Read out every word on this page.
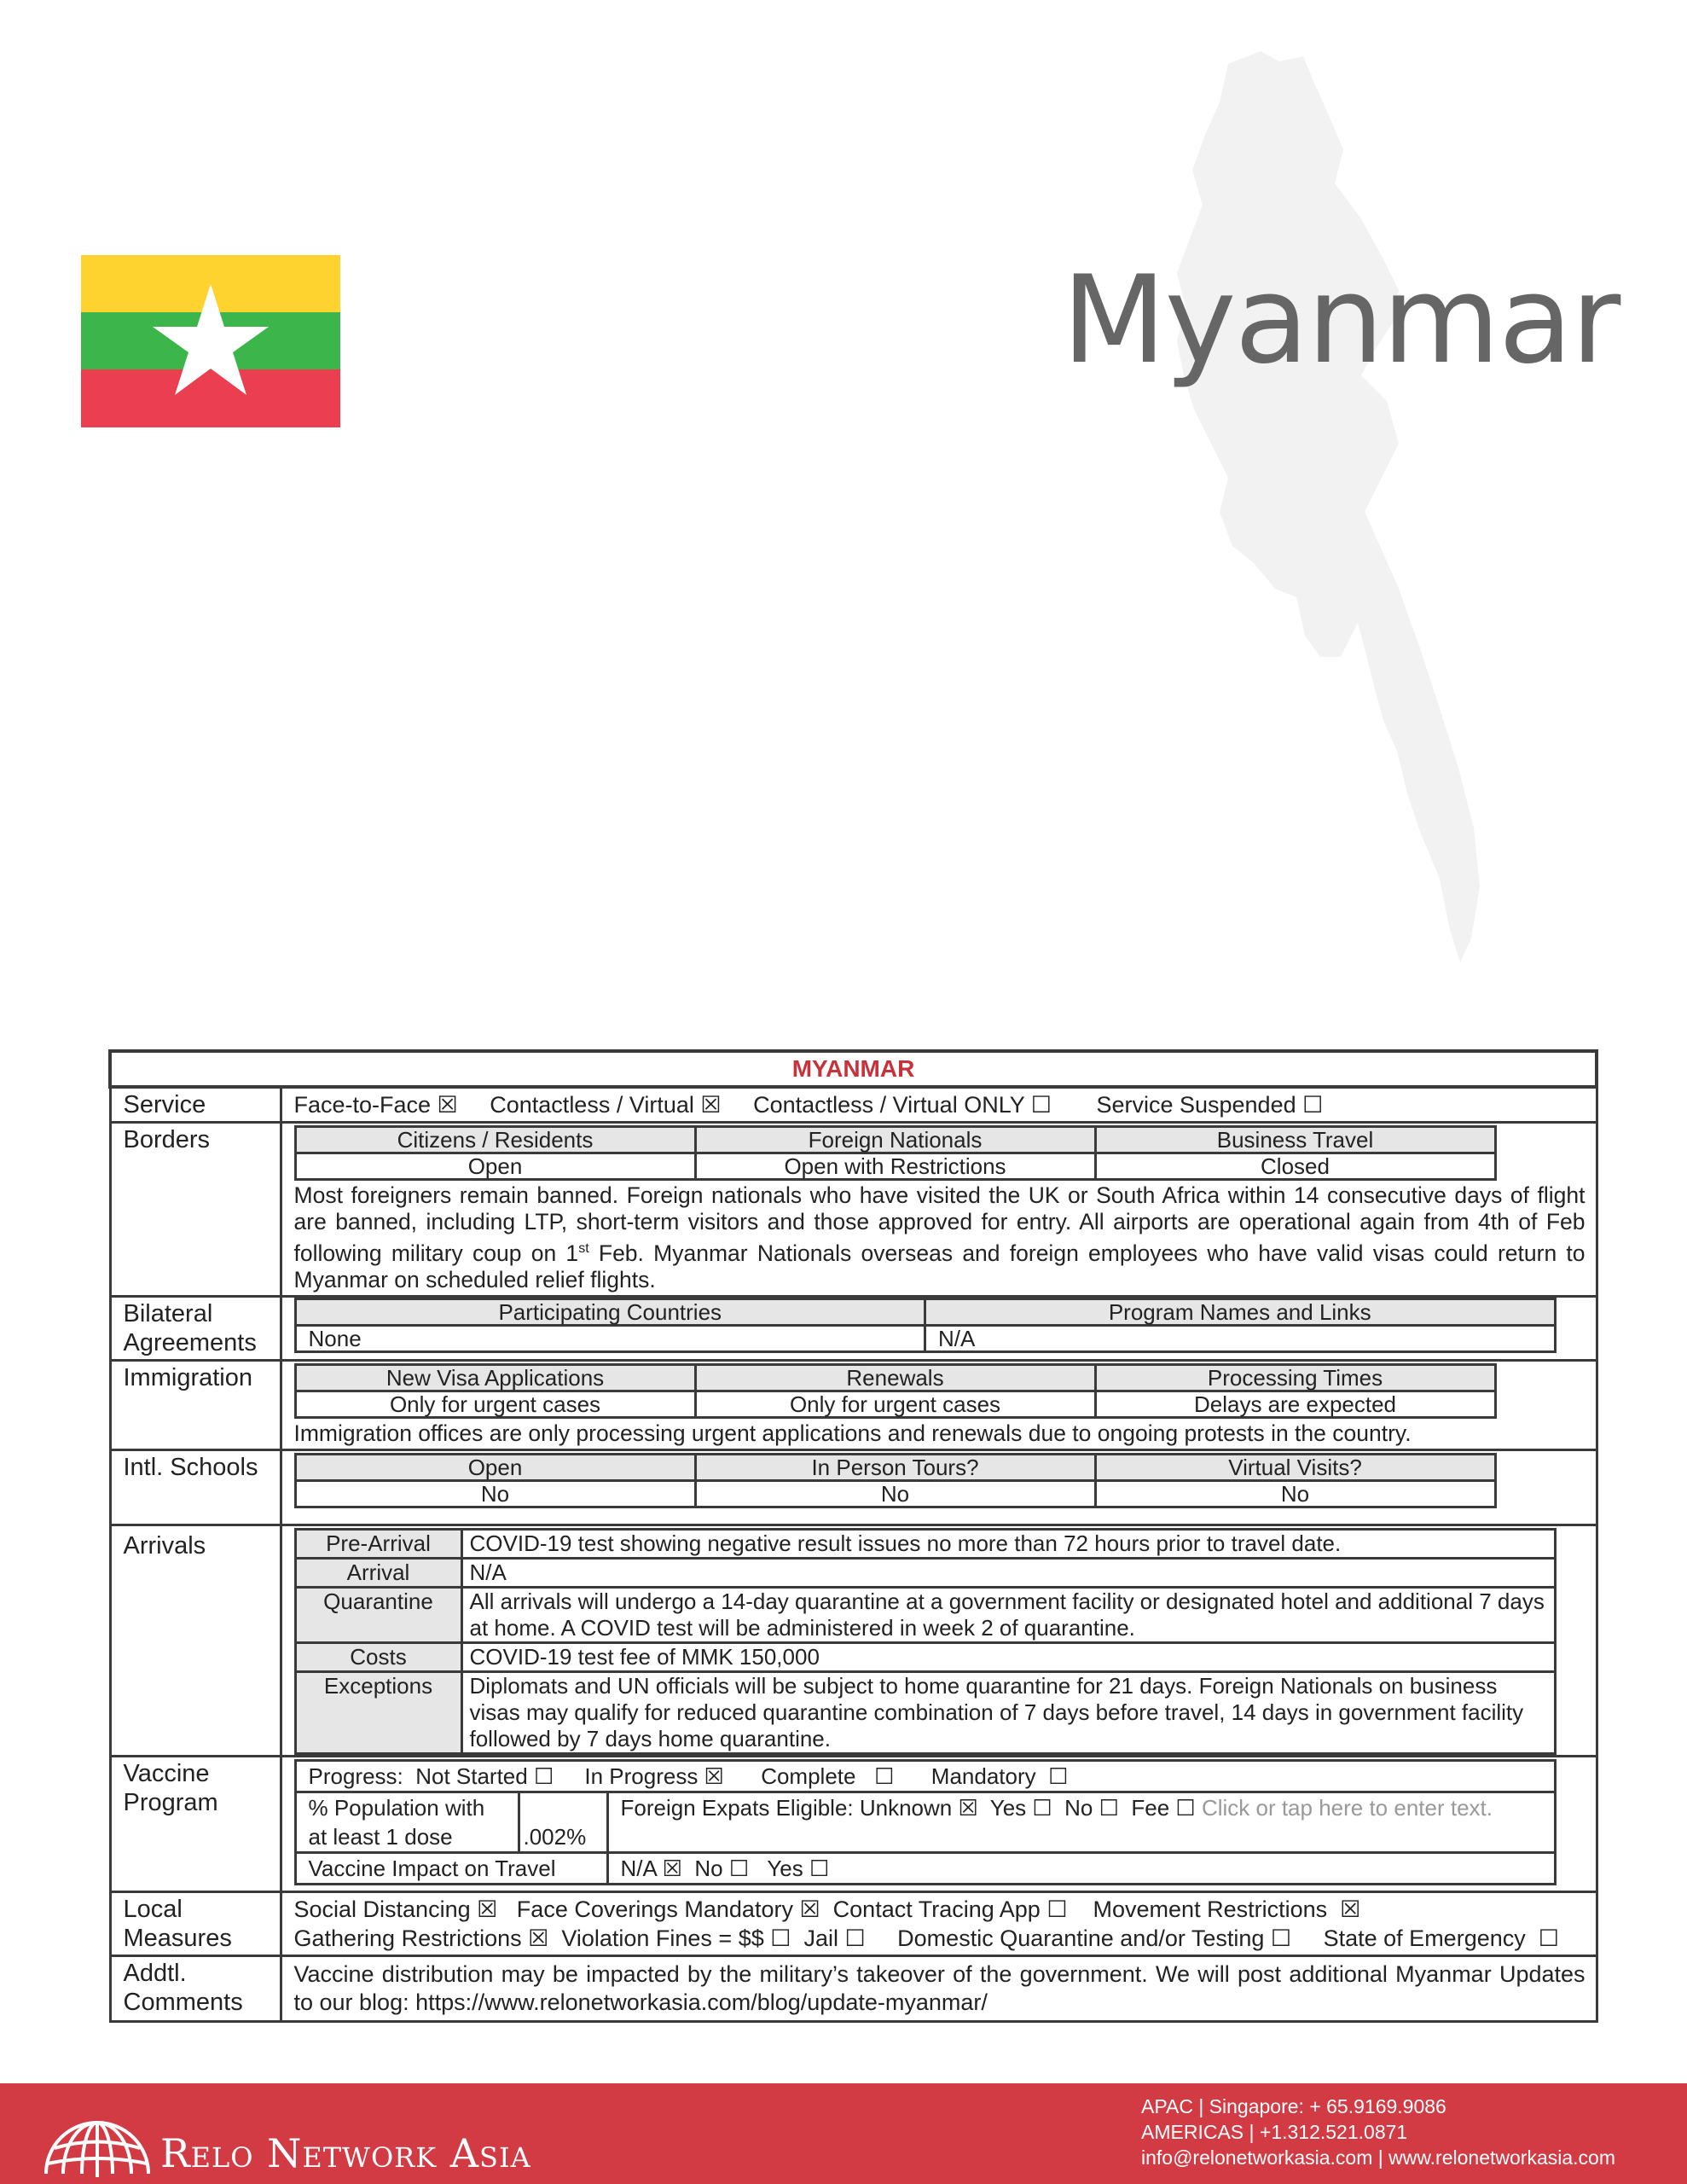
Myanmar
MYANMAR
Service	Face-to-Face ☒     Contactless / Virtual ☒     Contactless / Virtual ONLY ☐       Service Suspended ☐

Borders		Citizens / Residents	Foreign Nationals	Business Travel
Open	Open with Restrictions	Closed
Most foreigners remain banned. Foreign nationals who have visited the UK or South Africa within 14 consecutive days of flight are banned, including LTP, short-term visitors and those approved for entry. All airports are operational again from 4th of Feb following military coup on 1st Feb. Myanmar Nationals overseas and foreign employees who have valid visas could return to Myanmar on scheduled relief flights.

Bilateral
Agreements

Participating Countries	Program Names and Links
None	N/A

Immigration		New Visa Applications	Renewals	Processing Times
Only for urgent cases	Only for urgent cases	Delays are expected
Immigration offices are only processing urgent applications and renewals due to ongoing protests in the country.

Intl. Schools		Open	In Person Tours?	Virtual Visits?
No	No	No

Arrivals		Pre-Arrival	COVID-19 test showing negative result issues no more than 72 hours prior to travel date.
Arrival	N/A
Quarantine	All arrivals will undergo a 14-day quarantine at a government facility or designated hotel and additional 7 days at home. A COVID test will be administered in week 2 of quarantine.
Costs	COVID-19 test fee of MMK 150,000
Exceptions	Diplomats and UN officials will be subject to home quarantine for 21 days. Foreign Nationals on business visas may qualify for reduced quarantine combination of 7 days before travel, 14 days in government facility followed by 7 days home quarantine.

Vaccine
Program

Progress:  Not Started ☐     In Progress ☒      Complete   ☐      Mandatory  ☐
% Population with at least 1 dose	.002%	Foreign Expats Eligible: Unknown ☒  Yes ☐  No ☐  Fee ☐ Click or tap here to enter text.
Vaccine Impact on Travel	N/A ☒  No ☐   Yes ☐

Local
Measures

Social Distancing ☒   Face Coverings Mandatory ☒  Contact Tracing App ☐    Movement Restrictions  ☒
Gathering Restrictions ☒  Violation Fines = $$ ☐  Jail ☐     Domestic Quarantine and/or Testing ☐     State of Emergency  ☐

Addtl.
Comments

Vaccine distribution may be impacted by the military’s takeover of the government. We will post additional Myanmar Updates to our blog: https://www.relonetworkasia.com/blog/update-myanmar/
Relo Network Asia
APAC | Singapore: + 65.9169.9086
AMERICAS | +1.312.521.0871
info@relonetworkasia.com | www.relonetworkasia.com
